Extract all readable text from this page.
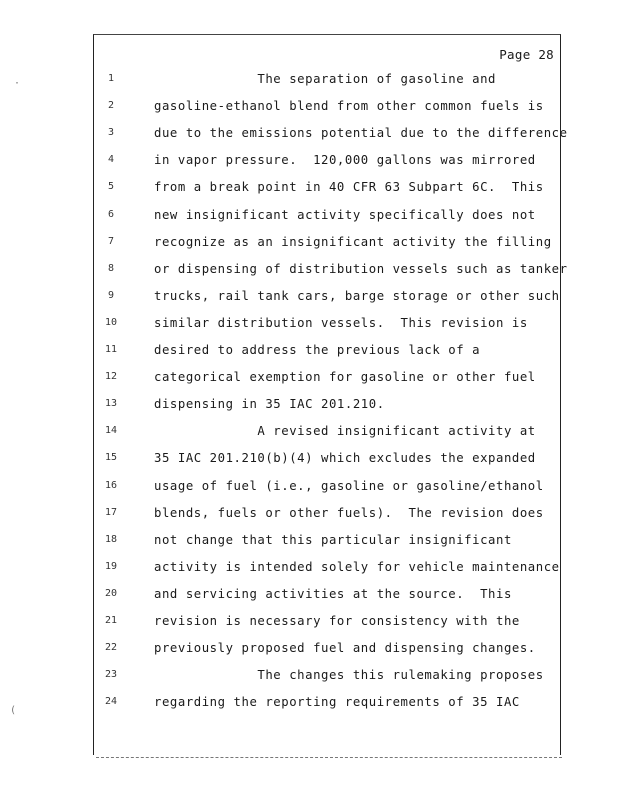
Page 28
1	The separation of gasoline and
2	gasoline-ethanol blend from other common fuels is
3	due to the emissions potential due to the difference
4	in vapor pressure.  120,000 gallons was mirrored
5	from a break point in 40 CFR 63 Subpart 6C.  This
6	new insignificant activity specifically does not
7	recognize as an insignificant activity the filling
8	or dispensing of distribution vessels such as tanker
9	trucks, rail tank cars, barge storage or other such
10	similar distribution vessels.  This revision is
11	desired to address the previous lack of a
12	categorical exemption for gasoline or other fuel
13	dispensing in 35 IAC 201.210.
14	A revised insignificant activity at
15	35 IAC 201.210(b)(4) which excludes the expanded
16	usage of fuel (i.e., gasoline or gasoline/ethanol
17	blends, fuels or other fuels).  The revision does
18	not change that this particular insignificant
19	activity is intended solely for vehicle maintenance
20	and servicing activities at the source.  This
21	revision is necessary for consistency with the
22	previously proposed fuel and dispensing changes.
23	The changes this rulemaking proposes
24	regarding the reporting requirements of 35 IAC
·
(
